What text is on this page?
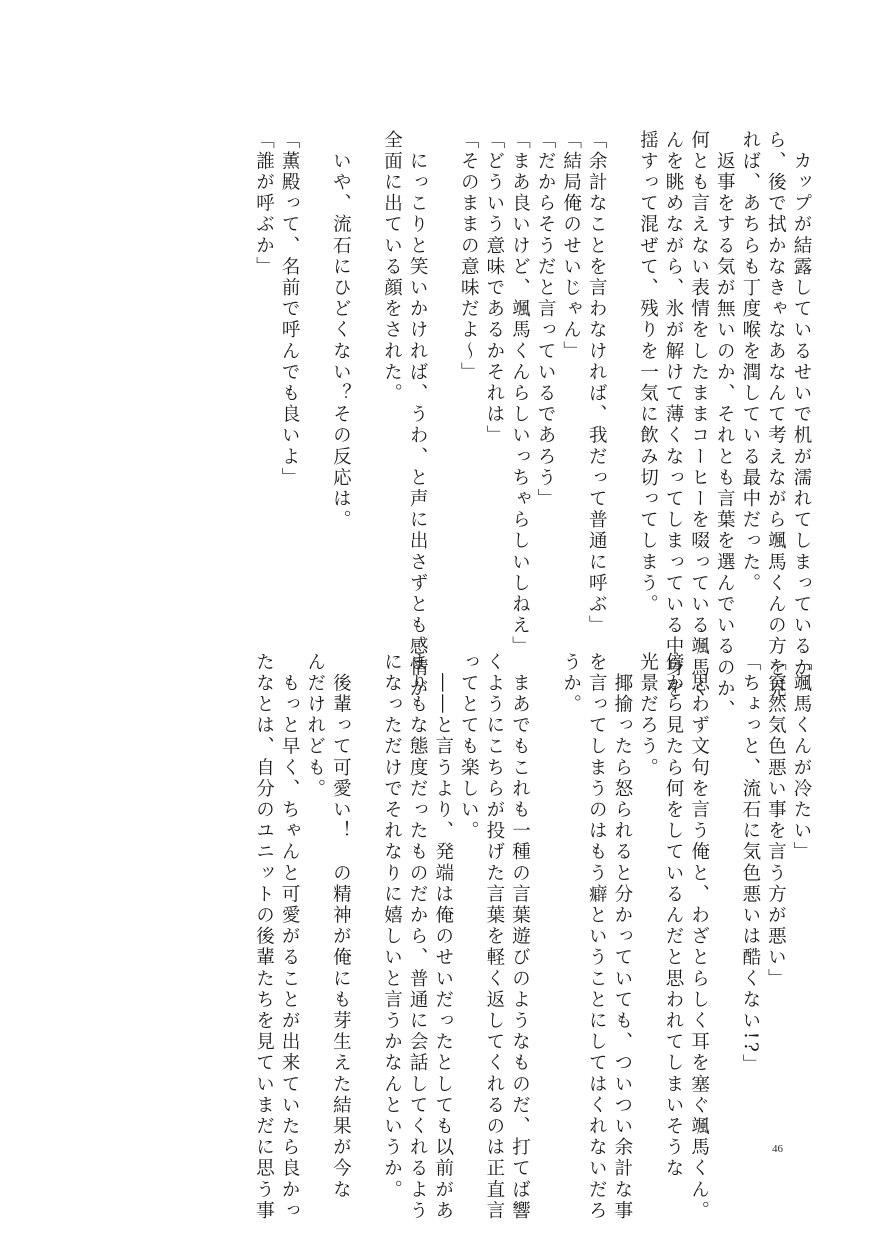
　カップが結露しているせいで机が濡れてしまっているか
ら、後で拭かなきゃなあなんて考えながら颯馬くんの方を見
れば、あちらも丁度喉を潤している最中だった。
　返事をする気が無いのか、それとも言葉を選んでいるのか、
何とも言えない表情をしたままコーヒーを啜っている颯馬く
んを眺めながら、氷が解けて薄くなってしまっている中身を
揺すって混ぜて、残りを一気に飲み切ってしまう。

「余計なことを言わなければ、我だって普通に呼ぶ」
「結局俺のせいじゃん」
「だからそうだと言っているであろう」
「まあ良いけど、颯馬くんらしいっちゃらしいしねえ」
「どういう意味であるかそれは」
「そのままの意味だよ～」

　にっこりと笑いかければ、うわ、と声に出さずとも感情が
全面に出ている顔をされた。

　いや、流石にひどくない？その反応は。

「薫殿って、名前で呼んでも良いよ」
「誰が呼ぶか」
「颯馬くんが冷たい」
「突然気色悪い事を言う方が悪い」
「ちょっと、流石に気色悪いは酷くない!?」

　思わず文句を言う俺と、わざとらしく耳を塞ぐ颯馬くん。
傍から見たら何をしているんだと思われてしまいそうな
光景だろう。
　揶揄ったら怒られると分かっていても、ついつい余計な事
を言ってしまうのはもう癖ということにしてはくれないだろ
うか。

　まあでもこれも一種の言葉遊びのようなものだ、打てば響
くようにこちらが投げた言葉を軽く返してくれるのは正直言
ってとても楽しい。
　――と言うより、発端は俺のせいだったとしても以前があ
まりもな態度だったものだから、普通に会話してくれるよう
になっただけでそれなりに嬉しいと言うかなんというか。

　後輩って可愛い！　の精神が俺にも芽生えた結果が今な
んだけれども。
　もっと早く、ちゃんと可愛がることが出来ていたら良かっ
たなとは、自分のユニットの後輩たちを見ていまだに思う事	46
